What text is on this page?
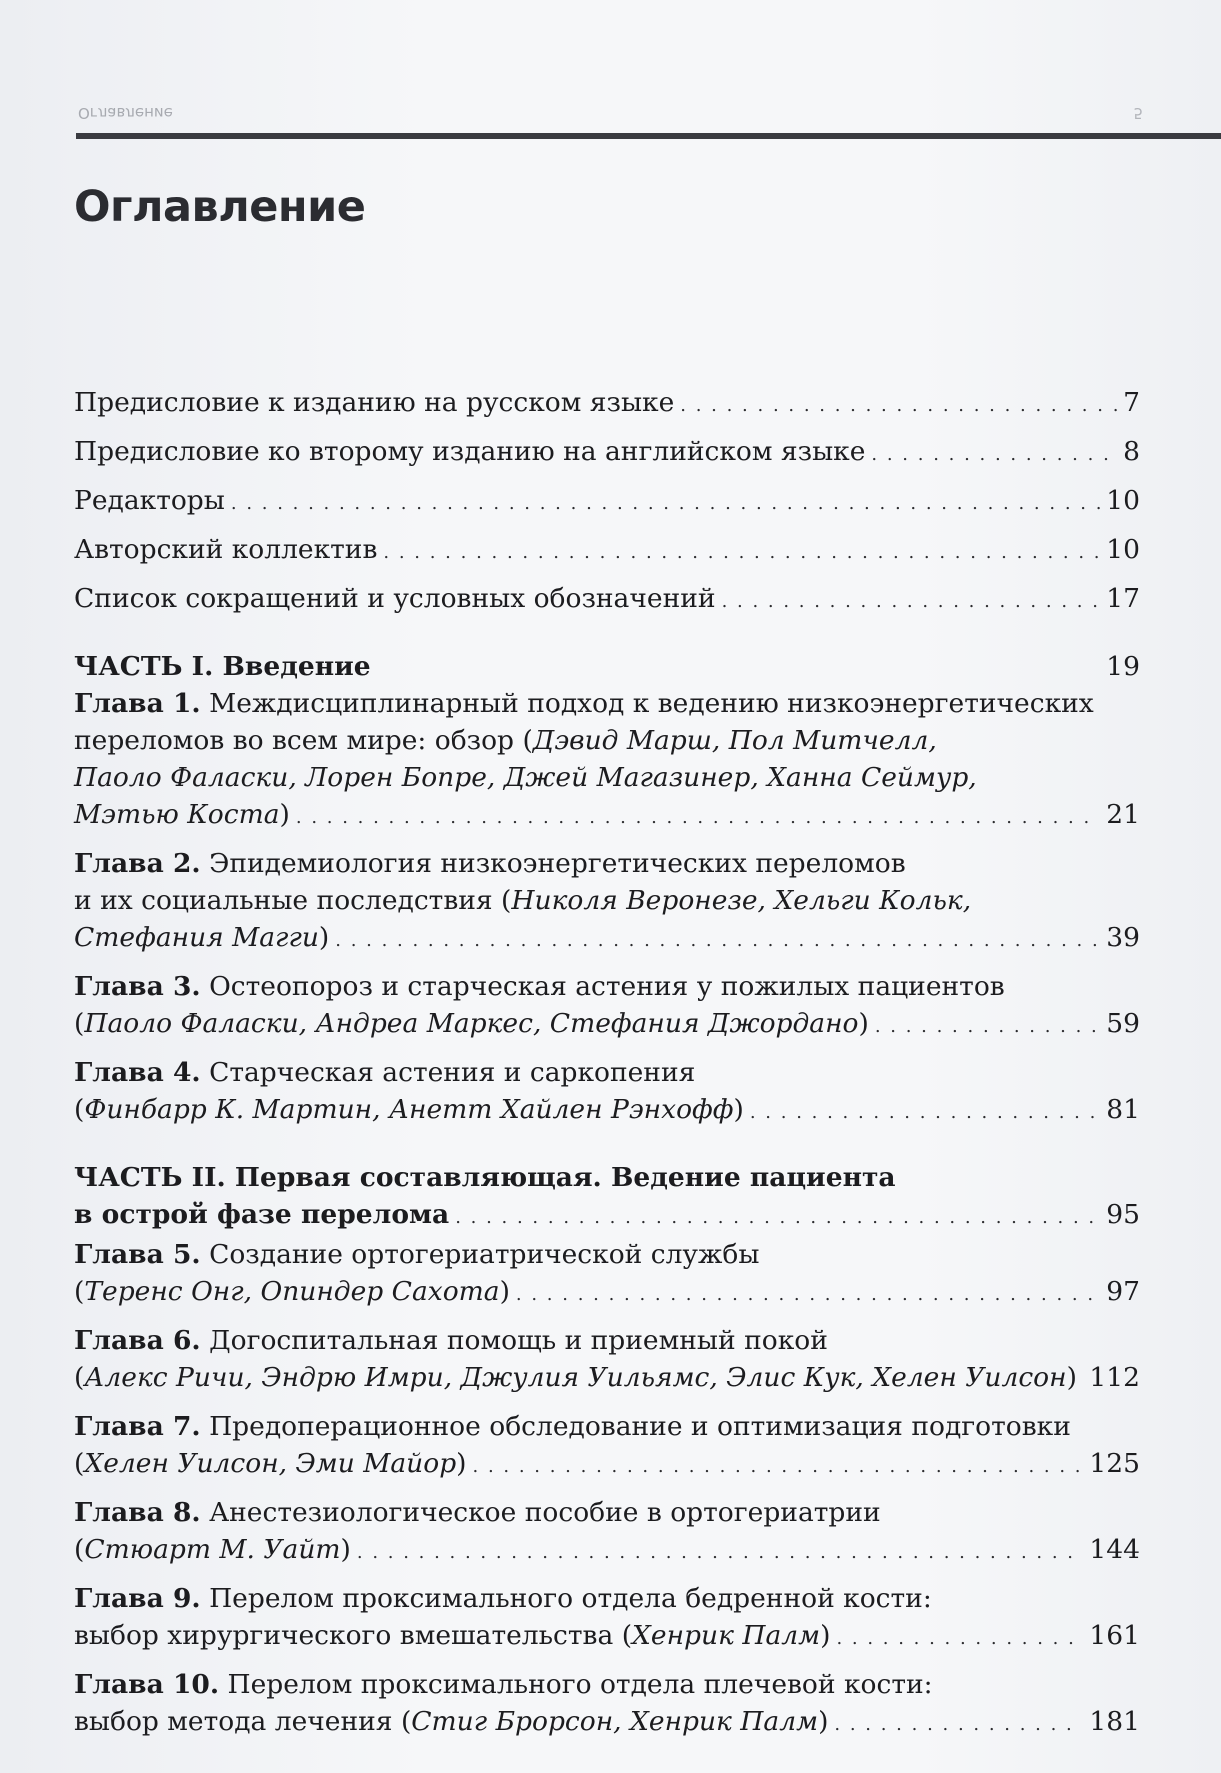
Оглавление	5
Оглавление
Предисловие к изданию на русском языке . . .	7
Предисловие ко второму изданию на английском языке . . .	8
Редакторы . . .	10
Авторский коллектив . . .	10
Список сокращений и условных обозначений . . .	17
ЧАСТЬ I. Введение	19
Глава 1. Междисциплинарный подход к ведению низкоэнергетических
переломов во всем мире: обзор ( Дэвид Марш, Пол Митчелл,
Паоло Фаласки, Лорен Бопре, Джей Магазинер, Ханна Сеймур,
Мэтью Коста) . . .	21
Глава 2. Эпидемиология низкоэнергетических переломов
и их социальные последствия ( Николя Веронезе, Хельги Кольк,
Стефания Магги) . . .	39
Глава 3. Остеопороз и старческая астения у пожилых пациентов
(Паоло Фаласки, Андреа Маркес, Стефания Джордано) . . .	59
Глава 4. Старческая астения и саркопения
(Финбарр К. Мартин, Анетт Хайлен Рэнхофф) . . .	81
ЧАСТЬ II. Первая составляющая. Ведение пациента
в острой фазе перелома . . .	95
Глава 5. Создание ортогериатрической службы
(Теренс Онг, Опиндер Сахота) . . .	97
Глава 6. Догоспитальная помощь и приемный покой
(Алекс Ричи, Эндрю Имри, Джулия Уильямс, Элис Кук, Хелен Уилсон) . . . 112
Глава 7. Предоперационное обследование и оптимизация подготовки
(Хелен Уилсон, Эми Майор) . . .	125
Глава 8. Анестезиологическое пособие в ортогериатрии
(Стюарт М. Уайт) . . .	144
Глава 9. Перелом проксимального отдела бедренной кости:
выбор хирургического вмешательства (Хенрик Палм) . . .	161
Глава 10. Перелом проксимального отдела плечевой кости:
выбор метода лечения (Стиг Брорсон, Хенрик Палм) . . .	181
